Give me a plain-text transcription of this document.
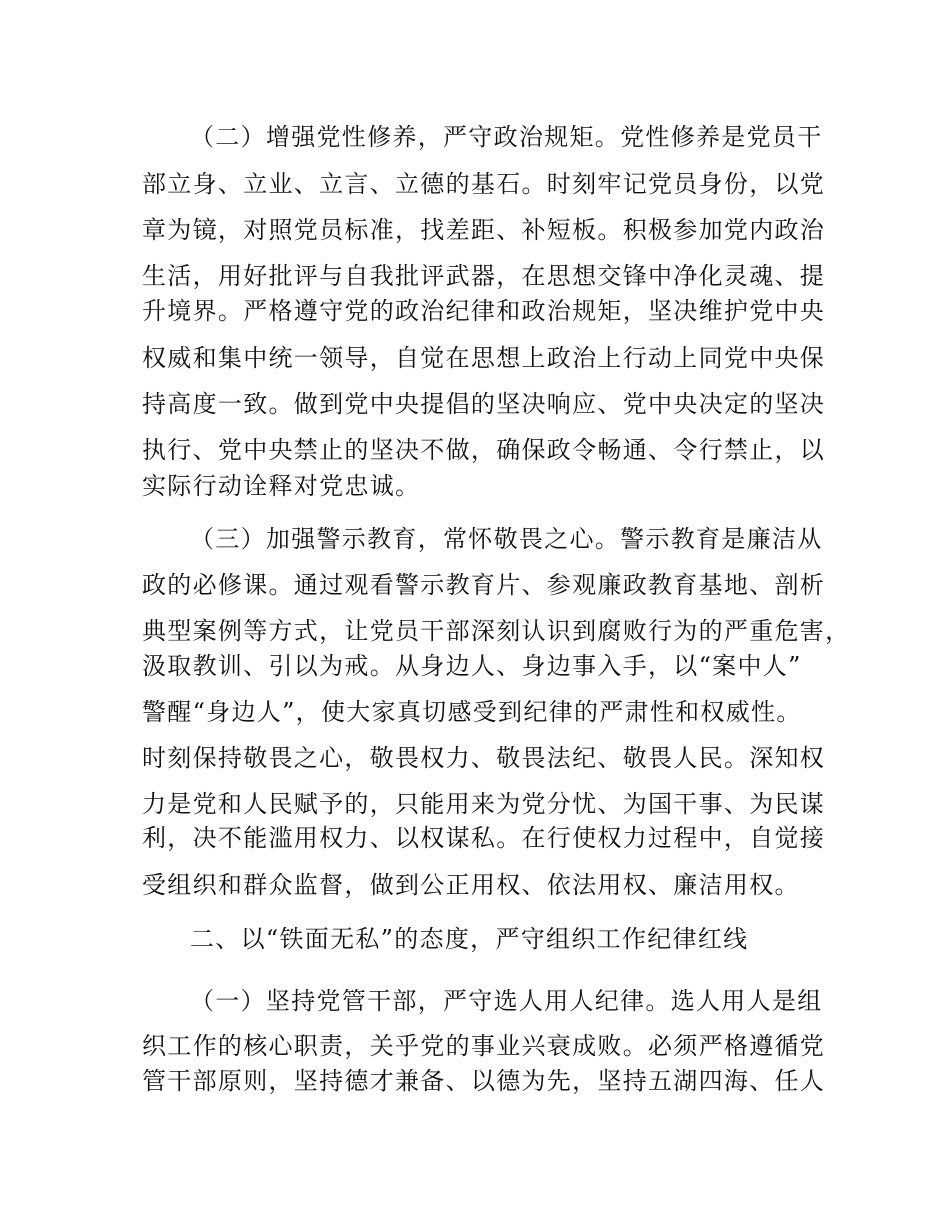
（二）增强党性修养，严守政治规矩。党性修养是党员干

部立身、立业、立言、立德的基石。时刻牢记党员身份，以党

章为镜，对照党员标准，找差距、补短板。积极参加党内政治

生活，用好批评与自我批评武器，在思想交锋中净化灵魂、提

升境界。严格遵守党的政治纪律和政治规矩，坚决维护党中央

权威和集中统一领导，自觉在思想上政治上行动上同党中央保

持高度一致。做到党中央提倡的坚决响应、党中央决定的坚决

执行、党中央禁止的坚决不做，确保政令畅通、令行禁止，以

实际行动诠释对党忠诚。

（三）加强警示教育，常怀敬畏之心。警示教育是廉洁从

政的必修课。通过观看警示教育片、参观廉政教育基地、剖析

典型案例等方式，让党员干部深刻认识到腐败行为的严重危害，

汲取教训、引以为戒。从身边人、身边事入手，以“案中人”

警醒“身边人”，使大家真切感受到纪律的严肃性和权威性。

时刻保持敬畏之心，敬畏权力、敬畏法纪、敬畏人民。深知权

力是党和人民赋予的，只能用来为党分忧、为国干事、为民谋

利，决不能滥用权力、以权谋私。在行使权力过程中，自觉接

受组织和群众监督，做到公正用权、依法用权、廉洁用权。

二、以“铁面无私”的态度，严守组织工作纪律红线

（一）坚持党管干部，严守选人用人纪律。选人用人是组

织工作的核心职责，关乎党的事业兴衰成败。必须严格遵循党

管干部原则，坚持德才兼备、以德为先，坚持五湖四海、任人
